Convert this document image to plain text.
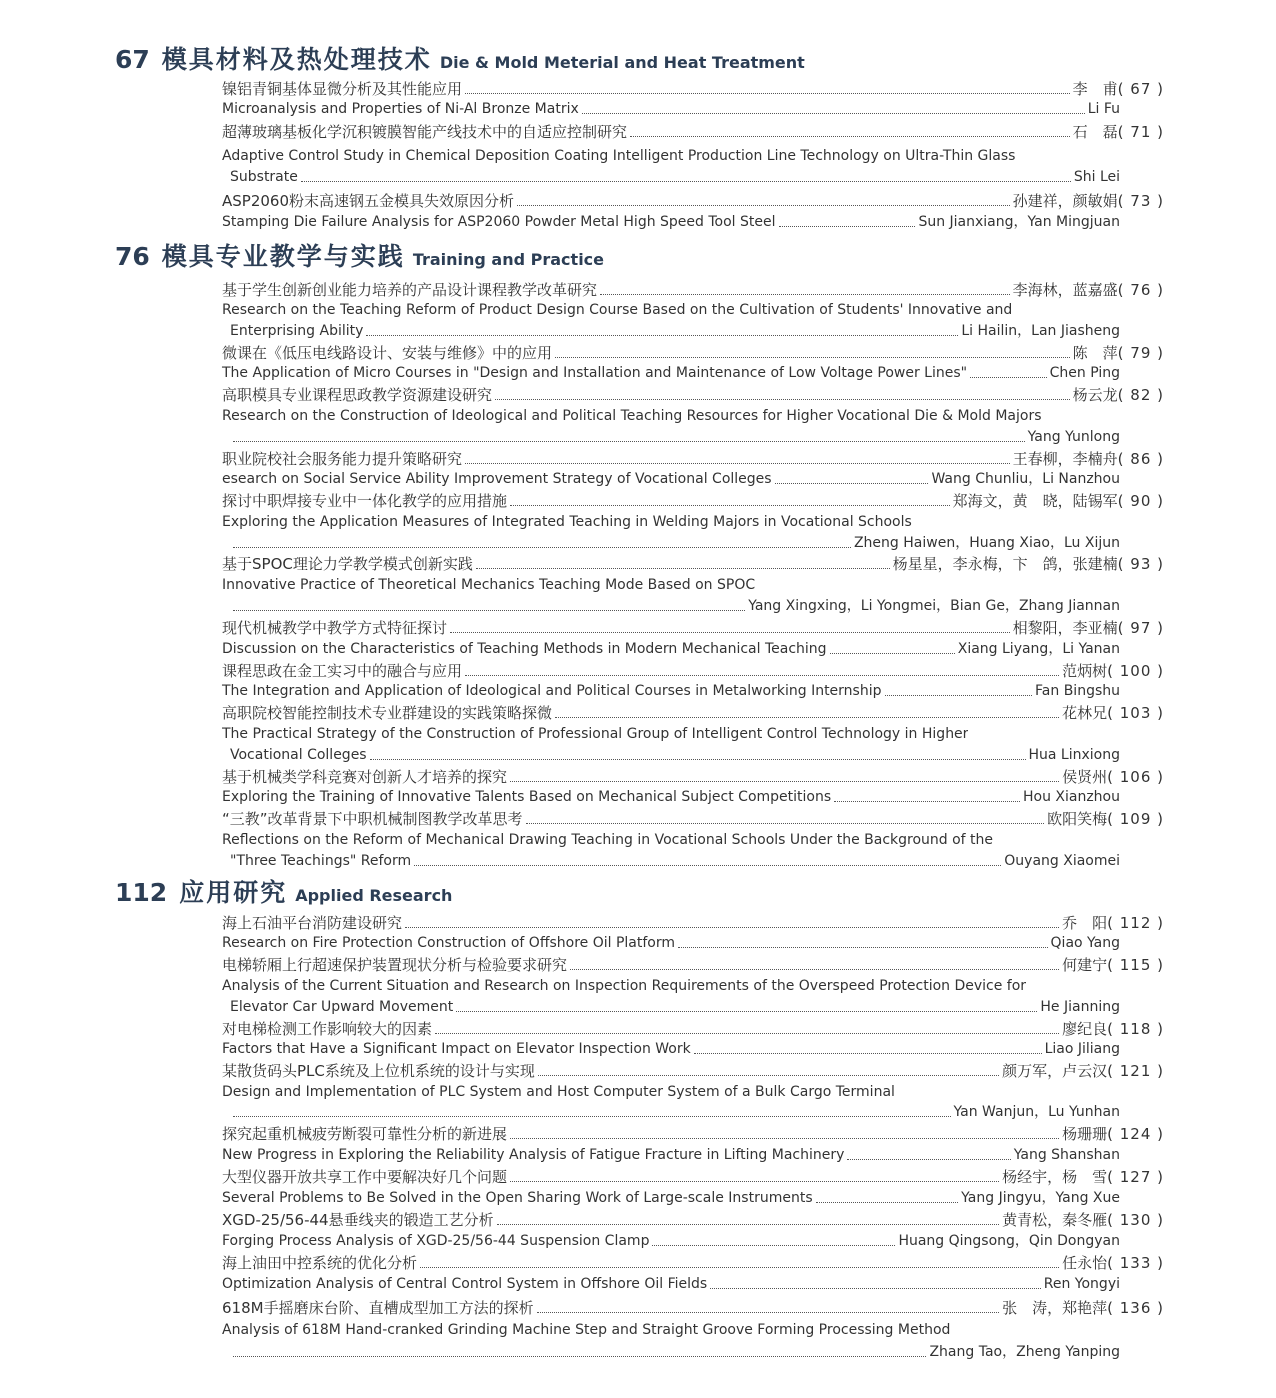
67 模具材料及热处理技术 Die & Mold Meterial and Heat Treatment
镍铝青铜基体显微分析及其性能应用	李　甫 ( 67 )
Microanalysis and Properties of Ni-Al Bronze Matrix	Li Fu
超薄玻璃基板化学沉积镀膜智能产线技术中的自适应控制研究	石　磊 ( 71 )
Adaptive Control Study in Chemical Deposition Coating Intelligent Production Line Technology on Ultra-Thin Glass
Substrate	Shi Lei
ASP2060粉末高速钢五金模具失效原因分析	孙建祥，颜敏娟 ( 73 )
Stamping Die Failure Analysis for ASP2060 Powder Metal High Speed Tool Steel	Sun Jianxiang，Yan Mingjuan
76 模具专业教学与实践 Training and Practice
基于学生创新创业能力培养的产品设计课程教学改革研究	李海林，蓝嘉盛 ( 76 )
Research on the Teaching Reform of Product Design Course Based on the Cultivation of Students' Innovative and
Enterprising Ability	Li Hailin，Lan Jiasheng
微课在《低压电线路设计、安装与维修》中的应用	陈　萍 ( 79 )
The Application of Micro Courses in "Design and Installation and Maintenance of Low Voltage Power Lines"	Chen Ping
高职模具专业课程思政教学资源建设研究	杨云龙 ( 82 )
Research on the Construction of Ideological and Political Teaching Resources for Higher Vocational Die & Mold Majors
Yang Yunlong
职业院校社会服务能力提升策略研究	王春柳，李楠舟 ( 86 )
esearch on Social Service Ability Improvement Strategy of Vocational Colleges	Wang Chunliu，Li Nanzhou
探讨中职焊接专业中一体化教学的应用措施	郑海文，黄　晓，陆锡军 ( 90 )
Exploring the Application Measures of Integrated Teaching in Welding Majors in Vocational Schools
Zheng Haiwen，Huang Xiao，Lu Xijun
基于SPOC理论力学教学模式创新实践	杨星星，李永梅，卞　鸽，张建楠 ( 93 )
Innovative Practice of Theoretical Mechanics Teaching Mode Based on SPOC
Yang Xingxing，Li Yongmei，Bian Ge，Zhang Jiannan
现代机械教学中教学方式特征探讨	相黎阳，李亚楠 ( 97 )
Discussion on the Characteristics of Teaching Methods in Modern Mechanical Teaching	Xiang Liyang，Li Yanan
课程思政在金工实习中的融合与应用	范炳树 ( 100 )
The Integration and Application of Ideological and Political Courses in Metalworking Internship	Fan Bingshu
高职院校智能控制技术专业群建设的实践策略探微	花林兄 ( 103 )
The Practical Strategy of the Construction of Professional Group of Intelligent Control Technology in Higher
Vocational Colleges	Hua Linxiong
基于机械类学科竞赛对创新人才培养的探究	侯贤州 ( 106 )
Exploring the Training of Innovative Talents Based on Mechanical Subject Competitions	Hou Xianzhou
“三教”改革背景下中职机械制图教学改革思考	欧阳笑梅 ( 109 )
Reflections on the Reform of Mechanical Drawing Teaching in Vocational Schools Under the Background of the
"Three Teachings" Reform	Ouyang Xiaomei
112 应用研究 Applied Research
海上石油平台消防建设研究	乔　阳 ( 112 )
Research on Fire Protection Construction of Offshore Oil Platform	Qiao Yang
电梯轿厢上行超速保护装置现状分析与检验要求研究	何建宁 ( 115 )
Analysis of the Current Situation and Research on Inspection Requirements of the Overspeed Protection Device for
Elevator Car Upward Movement	He Jianning
对电梯检测工作影响较大的因素	廖纪良 ( 118 )
Factors that Have a Significant Impact on Elevator Inspection Work	Liao Jiliang
某散货码头PLC系统及上位机系统的设计与实现	颜万军，卢云汉 ( 121 )
Design and Implementation of PLC System and Host Computer System of a Bulk Cargo Terminal
Yan Wanjun，Lu Yunhan
探究起重机械疲劳断裂可靠性分析的新进展	杨珊珊 ( 124 )
New Progress in Exploring the Reliability Analysis of Fatigue Fracture in Lifting Machinery	Yang Shanshan
大型仪器开放共享工作中要解决好几个问题	杨经宇，杨　雪 ( 127 )
Several Problems to Be Solved in the Open Sharing Work of Large-scale Instruments	Yang Jingyu，Yang Xue
XGD-25/56-44悬垂线夹的锻造工艺分析	黄青松，秦冬雁 ( 130 )
Forging Process Analysis of XGD-25/56-44 Suspension Clamp	Huang Qingsong，Qin Dongyan
海上油田中控系统的优化分析	任永怡 ( 133 )
Optimization Analysis of Central Control System in Offshore Oil Fields	Ren Yongyi
618M手摇磨床台阶、直槽成型加工方法的探析	张　涛，郑艳萍 ( 136 )
Analysis of 618M Hand-cranked Grinding Machine Step and Straight Groove Forming Processing Method
Zhang Tao，Zheng Yanping
